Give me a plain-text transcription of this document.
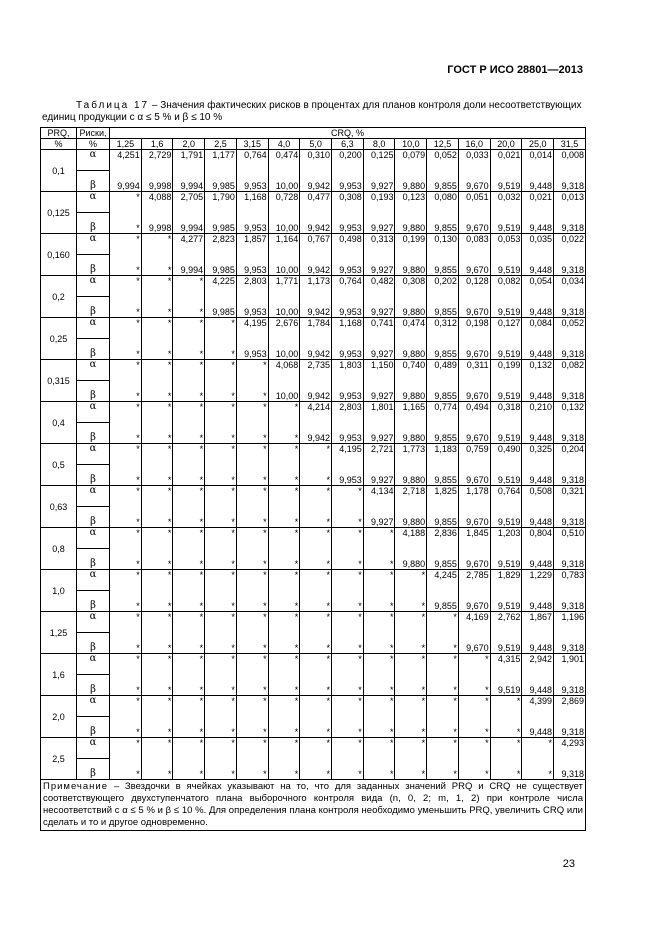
ГОСТ Р ИСО 28801—2013
Таблица 17 – Значения фактических рисков в процентах для планов контроля доли несоответствующих единиц продукции с α ≤ 5 % и β ≤ 10 %
PRQ,	Риски,	CRQ, %														
%	%	1,25	1,6	2,0	2,5	3,15	4,0	5,0	6,3	8,0	10,0	12,5	16,0	20,0	25,0	31,5
0,1	α	4,251	2,729	1,791	1,177	0,764	0,474	0,310	0,200	0,125	0,079	0,052	0,033	0,021	0,014	0,008
	β	9,994	9,998	9,994	9,985	9,953	10,00	9,942	9,953	9,927	9,880	9,855	9,670	9,519	9,448	9,318
0,125	α	*	4,088	2,705	1,790	1,168	0,728	0,477	0,308	0,193	0,123	0,080	0,051	0,032	0,021	0,013
	β	*	9,998	9,994	9,985	9,953	10,00	9,942	9,953	9,927	9,880	9,855	9,670	9,519	9,448	9,318
0,160	α	*	*	4,277	2,823	1,857	1,164	0,767	0,498	0,313	0,199	0,130	0,083	0,053	0,035	0,022
	β	*	*	9,994	9,985	9,953	10,00	9,942	9,953	9,927	9,880	9,855	9,670	9,519	9,448	9,318
0,2	α	*	*	*	4,225	2,803	1,771	1,173	0,764	0,482	0,308	0,202	0,128	0,082	0,054	0,034
	β	*	*	*	9,985	9,953	10,00	9,942	9,953	9,927	9,880	9,855	9,670	9,519	9,448	9,318
0,25	α	*	*	*	*	4,195	2,676	1,784	1,168	0,741	0,474	0,312	0,198	0,127	0,084	0,052
	β	*	*	*	*	9,953	10,00	9,942	9,953	9,927	9,880	9,855	9,670	9,519	9,448	9,318
0,315	α	*	*	*	*	*	4,068	2,735	1,803	1,150	0,740	0,489	0,311	0,199	0,132	0,082
	β	*	*	*	*	*	10,00	9,942	9,953	9,927	9,880	9,855	9,670	9,519	9,448	9,318
0,4	α	*	*	*	*	*	*	4,214	2,803	1,801	1,165	0,774	0,494	0,318	0,210	0,132
	β	*	*	*	*	*	*	9,942	9,953	9,927	9,880	9,855	9,670	9,519	9,448	9,318
0,5	α	*	*	*	*	*	*	*	4,195	2,721	1,773	1,183	0,759	0,490	0,325	0,204
	β	*	*	*	*	*	*	*	9,953	9,927	9,880	9,855	9,670	9,519	9,448	9,318
0,63	α	*	*	*	*	*	*	*	*	4,134	2,718	1,825	1,178	0,764	0,508	0,321
	β	*	*	*	*	*	*	*	*	9,927	9,880	9,855	9,670	9,519	9,448	9,318
0,8	α	*	*	*	*	*	*	*	*	*	4,188	2,836	1,845	1,203	0,804	0,510
	β	*	*	*	*	*	*	*	*	*	9,880	9,855	9,670	9,519	9,448	9,318
1,0	α	*	*	*	*	*	*	*	*	*	*	4,245	2,785	1,829	1,229	0,783
	β	*	*	*	*	*	*	*	*	*	*	9,855	9,670	9,519	9,448	9,318
1,25	α	*	*	*	*	*	*	*	*	*	*	*	4,169	2,762	1,867	1,196
	β	*	*	*	*	*	*	*	*	*	*	*	9,670	9,519	9,448	9,318
1,6	α	*	*	*	*	*	*	*	*	*	*	*	*	4,315	2,942	1,901
	β	*	*	*	*	*	*	*	*	*	*	*	*	9,519	9,448	9,318
2,0	α	*	*	*	*	*	*	*	*	*	*	*	*	*	4,399	2,869
	β	*	*	*	*	*	*	*	*	*	*	*	*	*	9,448	9,318
2,5	α	*	*	*	*	*	*	*	*	*	*	*	*	*	*	4,293
	β	*	*	*	*	*	*	*	*	*	*	*	*	*	*	9,318
Примечание – Звездочки в ячейках указывают на то, что для заданных значений PRQ и CRQ не существует соответствующего двухступенчатого плана выборочного контроля вида (n, 0, 2; m, 1, 2) при контроле числа несоответствий с α ≤ 5 % и β ≤ 10 %. Для определения плана контроля необходимо уменьшить PRQ, увеличить CRQ или сделать и то и другое одновременно.																
23
